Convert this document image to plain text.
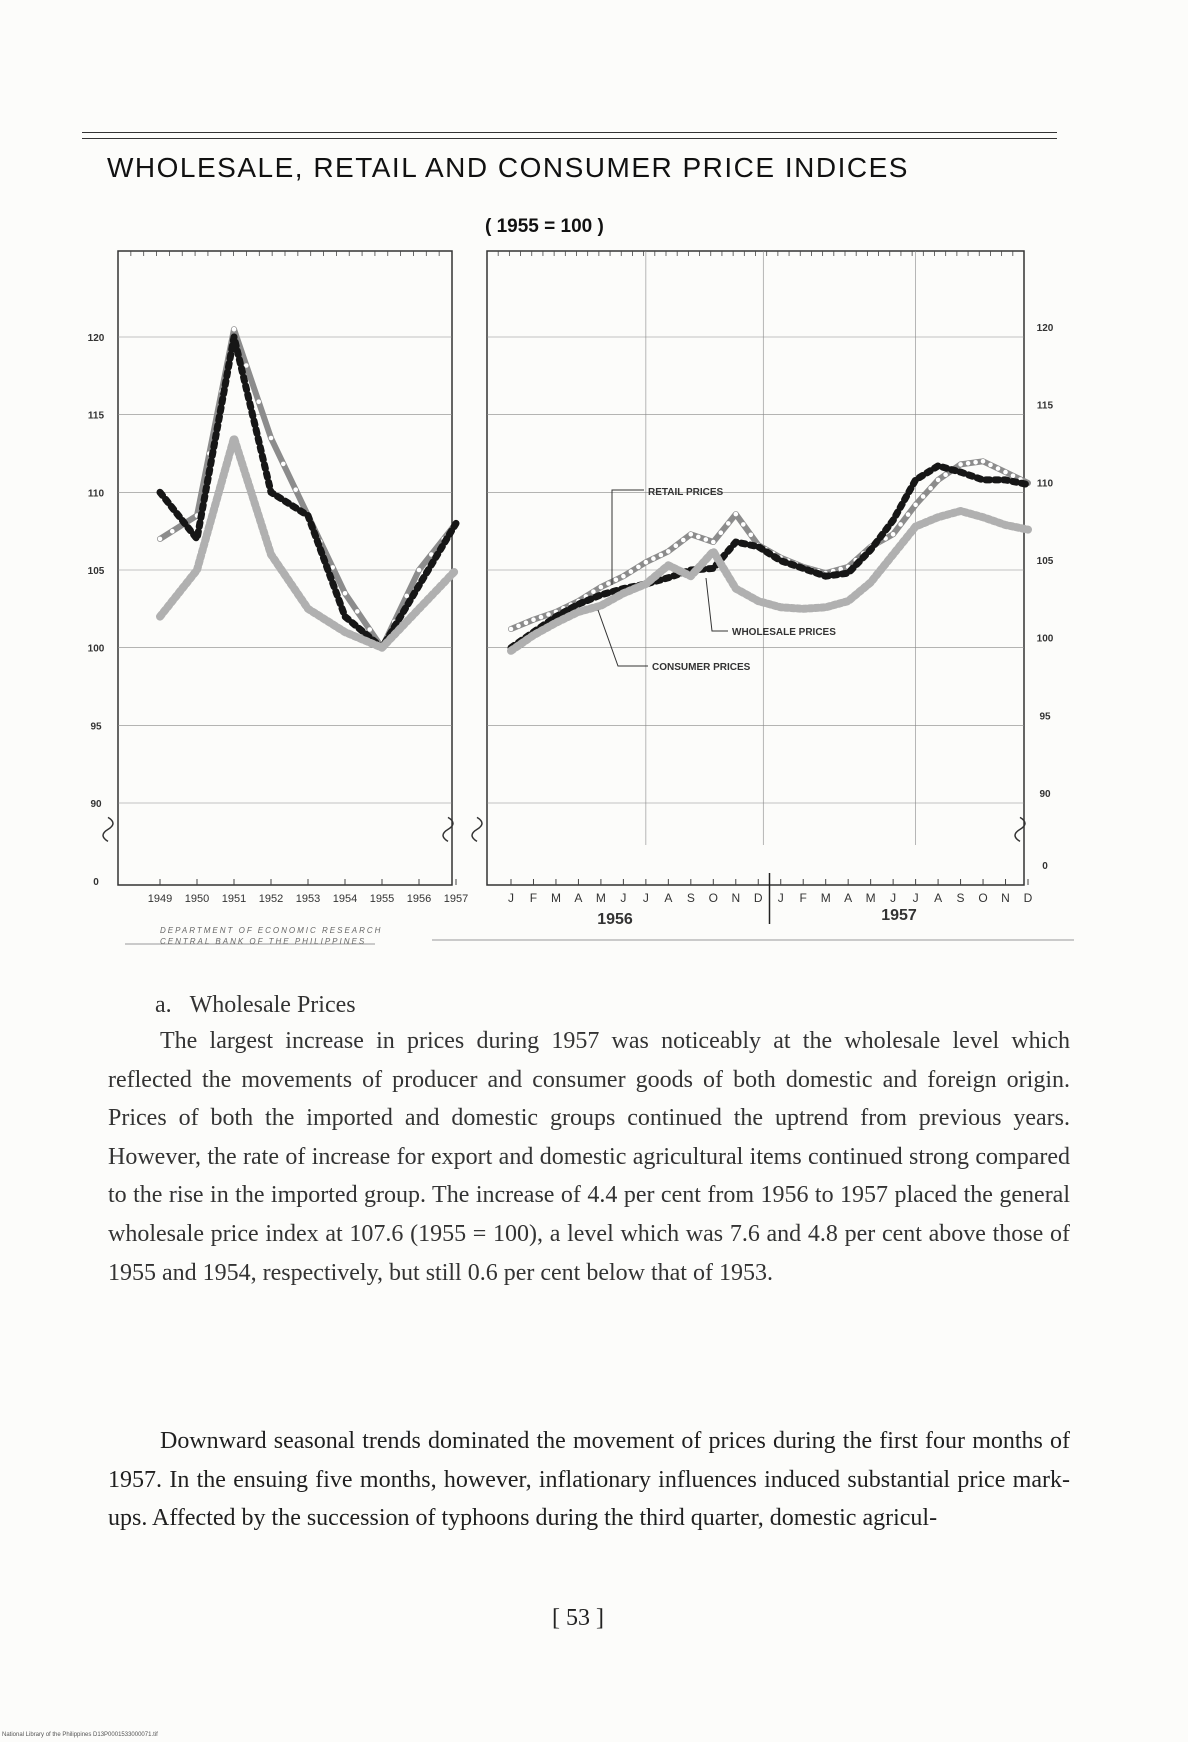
WHOLESALE, RETAIL AND CONSUMER PRICE INDICES
( 1955 = 100 )
1949 1950 1951 1952 1953 1954 1955 1956 1957
0
90
95
100
105
110
115
120
J F M A M J J A S O N D J F M A M J J A S O N D
1956	1957
0
90
95
100
105
110
115
120
RETAIL PRICES
WHOLESALE PRICES
CONSUMER PRICES
DEPARTMENT OF ECONOMIC RESEARCH
CENTRAL BANK OF THE PHILIPPINES
a. Wholesale Prices

The largest increase in prices during 1957 was noticeably at the wholesale level which reflected the movements of producer and consumer goods of both domestic and foreign origin. Prices of both the imported and domestic groups continued the uptrend from previous years. However, the rate of increase for export and domestic agricultural items continued strong compared to the rise in the imported group. The increase of 4.4 per cent from 1956 to 1957 placed the general wholesale price index at 107.6 (1955 = 100), a level which was 7.6 and 4.8 per cent above those of 1955 and 1954, respectively, but still 0.6 per cent below that of 1953.

Downward seasonal trends dominated the movement of prices during the first four months of 1957. In the ensuing five months, however, inflationary influences induced substantial price mark-ups. Affected by the succession of typhoons during the third quarter, domestic agricul-

[ 53 ]
National Library of the Philippines D13P0001533000071.tif
